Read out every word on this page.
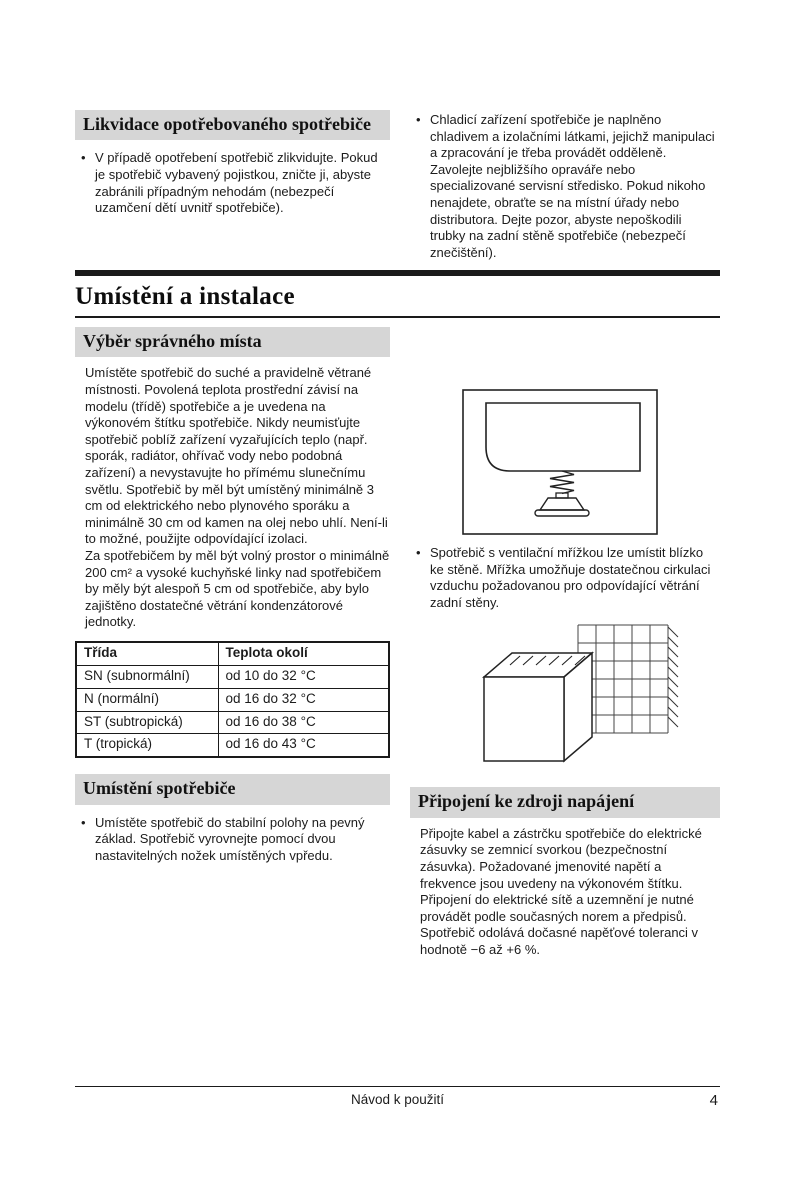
Likvidace opotřebovaného spotřebiče
• V případě opotřebení spotřebič zlikvidujte. Pokud je spotřebič vybavený pojistkou, zničte ji, abyste zabránili případným nehodám (nebezpečí uzamčení dětí uvnitř spotřebiče).
• Chladicí zařízení spotřebiče je naplněno chladivem a izolačními látkami, jejichž manipulaci a zpracování je třeba provádět odděleně. Zavolejte nejbližšího opraváře nebo specializované servisní středisko. Pokud nikoho nenajdete, obraťte se na místní úřady nebo distributora. Dejte pozor, abyste nepoškodili trubky na zadní stěně spotřebiče (nebezpečí znečištění).
Umístění a instalace
Výběr správného místa

Umístěte spotřebič do suché a pravidelně větrané místnosti. Povolená teplota prostřední závisí na modelu (třídě) spotřebiče a je uvedena na výkonovém štítku spotřebiče. Nikdy neumisťujte spotřebič poblíž zařízení vyzařujících teplo (např. sporák, radiátor, ohřívač vody nebo podobná zařízení) a nevystavujte ho přímému slunečnímu světlu. Spotřebič by měl být umístěný minimálně 3 cm od elektrického nebo plynového sporáku a minimálně 30 cm od kamen na olej nebo uhlí. Není-li to možné, použijte odpovídající izolaci.

Za spotřebičem by měl být volný prostor o minimálně 200 cm² a vysoké kuchyňské linky nad spotřebičem by měly být alespoň 5 cm od spotřebiče, aby bylo zajištěno dostatečné větrání kondenzátorové jednotky.

Třída	Teplota okolí
SN (subnormální)	od 10 do 32 °C
N (normální)	od 16 do 32 °C
ST (subtropická)	od 16 do 38 °C
T (tropická)	od 16 do 43 °C
Umístění spotřebiče
• Umístěte spotřebič do stabilní polohy na pevný základ. Spotřebič vyrovnejte pomocí dvou nastavitelných nožek umístěných vpředu.
• Spotřebič s ventilační mřížkou lze umístit blízko ke stěně. Mřížka umožňuje dostatečnou cirkulaci vzduchu požadovanou pro odpovídající větrání zadní stěny.
Připojení ke zdroji napájení

Připojte kabel a zástrčku spotřebiče do elektrické zásuvky se zemnicí svorkou (bezpečnostní zásuvka). Požadované jmenovité napětí a frekvence jsou uvedeny na výkonovém štítku. Připojení do elektrické sítě a uzemnění je nutné provádět podle současných norem a předpisů. Spotřebič odolává dočasné napěťové toleranci v hodnotě −6 až +6 %.

Návod k použití	4
